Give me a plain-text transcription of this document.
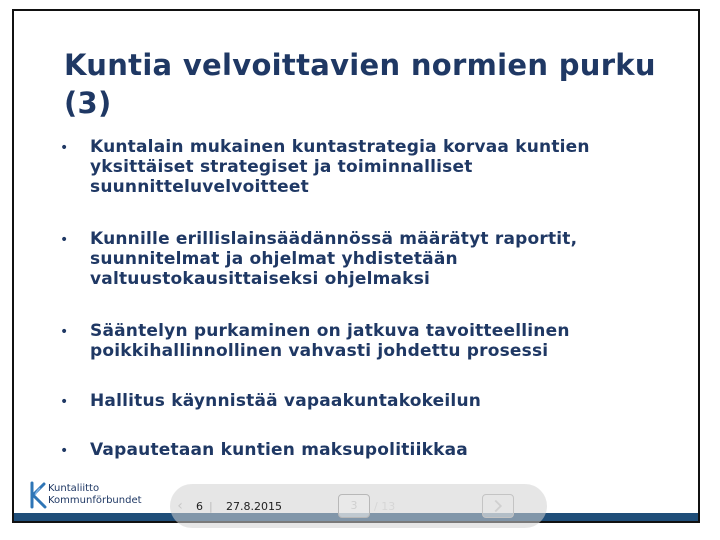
Kuntia velvoittavien normien purku (3)
•	Kuntalain mukainen kuntastrategia korvaa kuntien yksittäiset strategiset ja toiminnalliset suunnitteluvelvoitteet
•	Kunnille erillislainsäädännössä määrätyt raportit, suunnitelmat ja ohjelmat yhdistetään valtuustokausittaiseksi ohjelmaksi
•	Sääntelyn purkaminen on jatkuva tavoitteellinen poikkihallinnollinen vahvasti johdettu prosessi
•	Hallitus käynnistää vapaakuntakokeilun
•	Vapautetaan kuntien maksupolitiikkaa
Kuntaliitto
Kommunförbundet	‹	6 | 27.8.2015	3	/ 13
